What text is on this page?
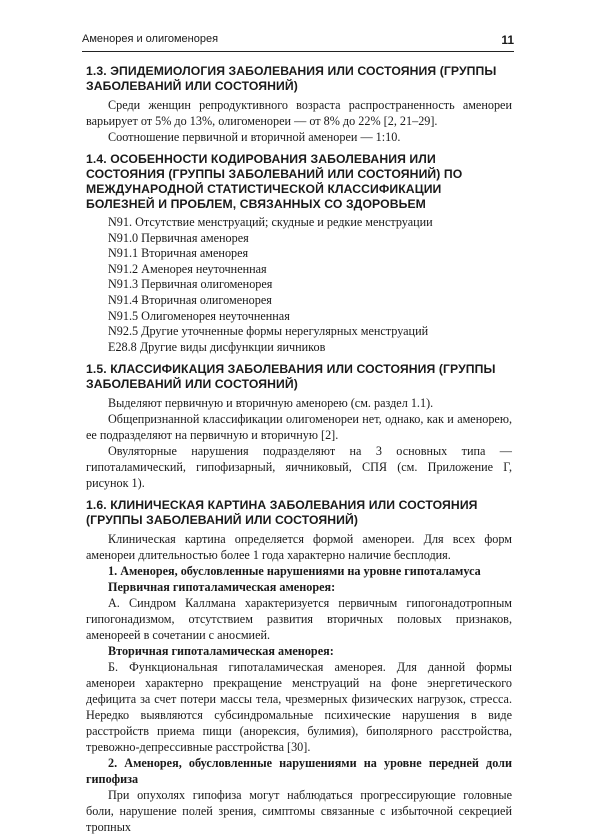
Аменорея и олигоменорея	11
1.3. ЭПИДЕМИОЛОГИЯ ЗАБОЛЕВАНИЯ ИЛИ СОСТОЯНИЯ (ГРУППЫ ЗАБОЛЕВАНИЙ ИЛИ СОСТОЯНИЙ)

Среди женщин репродуктивного возраста распространенность аменореи варьирует от 5% до 13%, олигоменореи — от 8% до 22% [2, 21–29].

Соотношение первичной и вторичной аменореи — 1:10.

1.4. ОСОБЕННОСТИ КОДИРОВАНИЯ ЗАБОЛЕВАНИЯ ИЛИ СОСТОЯНИЯ (ГРУППЫ ЗАБОЛЕВАНИЙ ИЛИ СОСТОЯНИЙ) ПО МЕЖДУНАРОДНОЙ СТАТИСТИЧЕСКОЙ КЛАССИФИКАЦИИ БОЛЕЗНЕЙ И ПРОБЛЕМ, СВЯЗАННЫХ СО ЗДОРОВЬЕМ

N91. Отсутствие менструаций; скудные и редкие менструации

N91.0 Первичная аменорея

N91.1 Вторичная аменорея

N91.2 Аменорея неуточненная

N91.3 Первичная олигоменорея

N91.4 Вторичная олигоменорея

N91.5 Олигоменорея неуточненная

N92.5 Другие уточненные формы нерегулярных менструаций

E28.8 Другие виды дисфункции яичников

1.5. КЛАССИФИКАЦИЯ ЗАБОЛЕВАНИЯ ИЛИ СОСТОЯНИЯ (ГРУППЫ ЗАБОЛЕВАНИЙ ИЛИ СОСТОЯНИЙ)

Выделяют первичную и вторичную аменорею (см. раздел 1.1).

Общепризнанной классификации олигоменореи нет, однако, как и аменорею, ее подразделяют на первичную и вторичную [2].

Овуляторные нарушения подразделяют на 3 основных типа — гипоталамический, гипофизарный, яичниковый, СПЯ (см. Приложение Г, рисунок 1).

1.6. КЛИНИЧЕСКАЯ КАРТИНА ЗАБОЛЕВАНИЯ ИЛИ СОСТОЯНИЯ (ГРУППЫ ЗАБОЛЕВАНИЙ ИЛИ СОСТОЯНИЙ)

Клиническая картина определяется формой аменореи. Для всех форм аменореи длительностью более 1 года характерно наличие бесплодия.

1. Аменорея, обусловленные нарушениями на уровне гипоталамуса

Первичная гипоталамическая аменорея:

А. Синдром Каллмана характеризуется первичным гипогонадотропным гипогонадизмом, отсутствием развития вторичных половых признаков, аменореей в сочетании с аносмией.

Вторичная гипоталамическая аменорея:

Б. Функциональная гипоталамическая аменорея. Для данной формы аменореи характерно прекращение менструаций на фоне энергетического дефицита за счет потери массы тела, чрезмерных физических нагрузок, стресса. Нередко выявляются субсиндромальные психические нарушения в виде расстройств приема пищи (анорексия, булимия), биполярного расстройства, тревожно-депрессивные расстройства [30].

2. Аменорея, обусловленные нарушениями на уровне передней доли гипофиза

При опухолях гипофиза могут наблюдаться прогрессирующие головные боли, нарушение полей зрения, симптомы связанные с избыточной секрецией тропных
